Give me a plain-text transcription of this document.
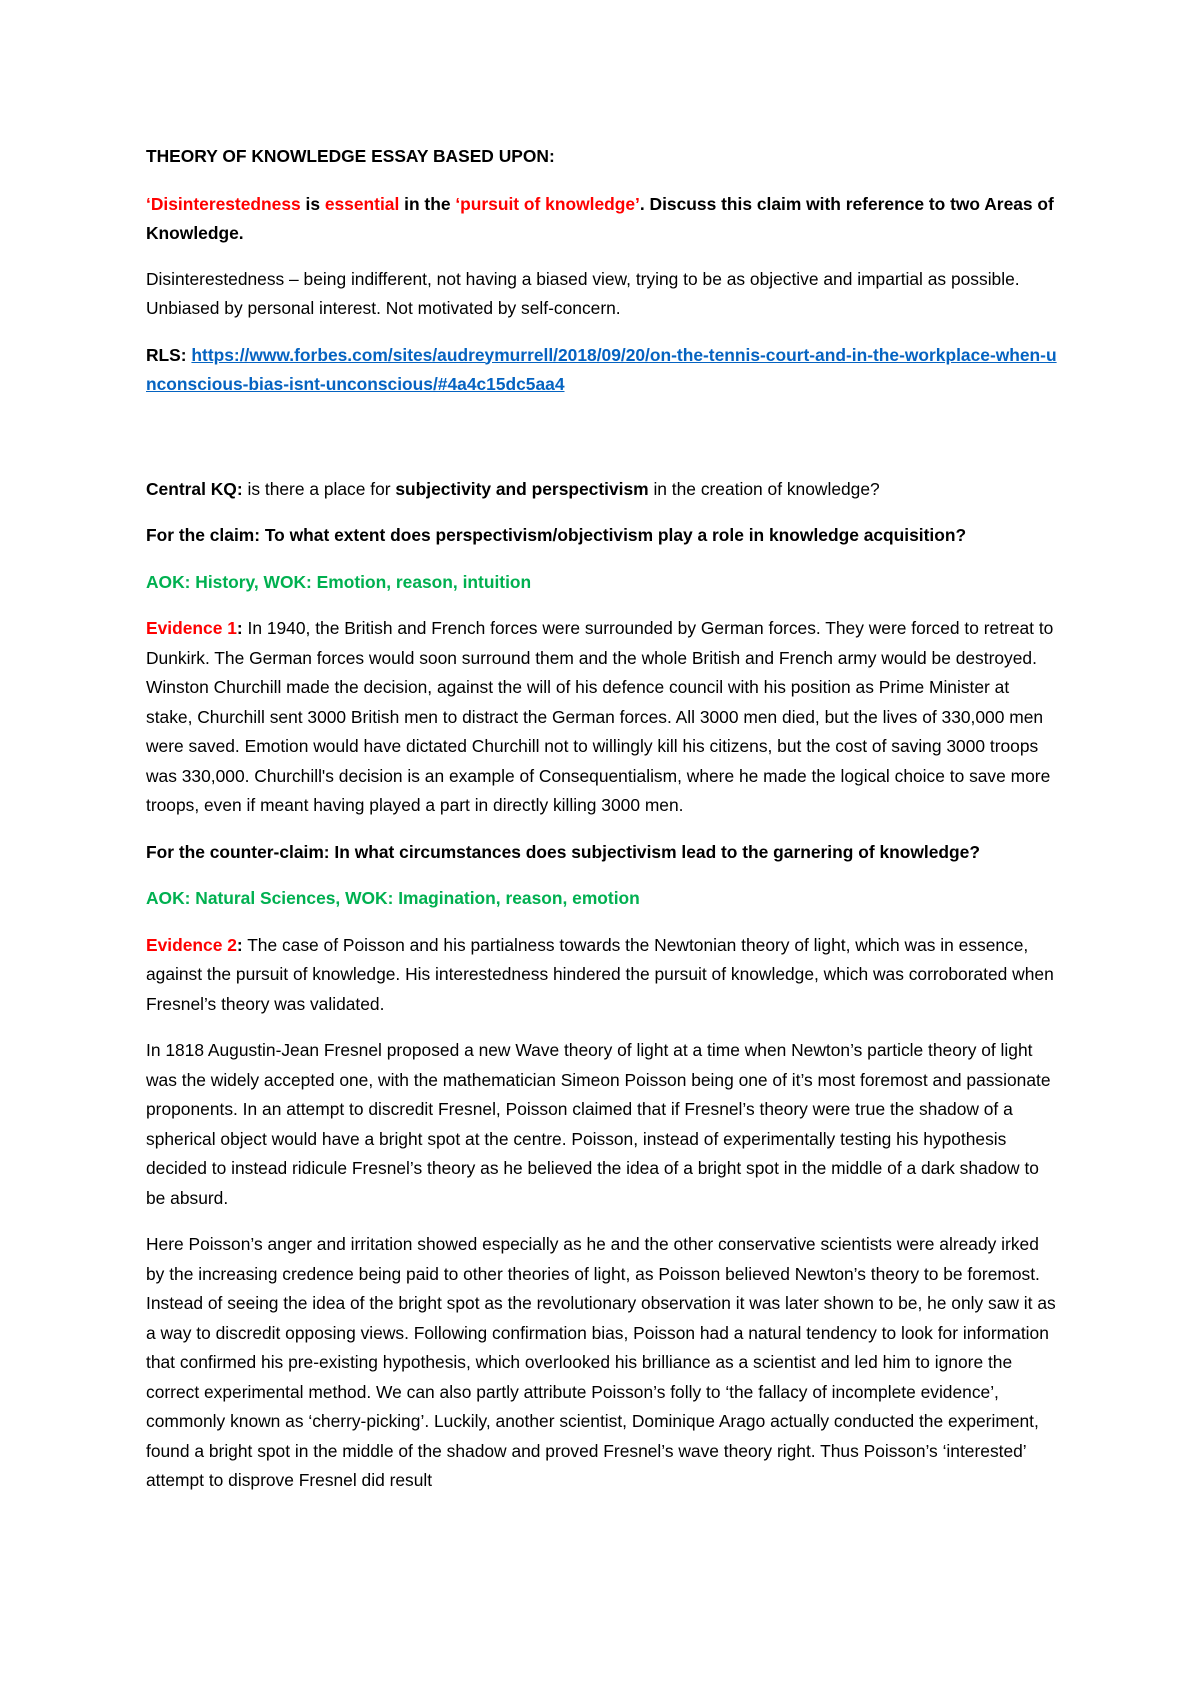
THEORY OF KNOWLEDGE ESSAY BASED UPON:

‘Disinterestedness is essential in the ‘pursuit of knowledge’. Discuss this claim with reference to two Areas of Knowledge.

Disinterestedness – being indifferent, not having a biased view, trying to be as objective and impartial as possible. Unbiased by personal interest. Not motivated by self-concern.

RLS: https://www.forbes.com/sites/audreymurrell/2018/09/20/on-the-tennis-court-and-in-the-workplace-when-unconscious-bias-isnt-unconscious/#4a4c15dc5aa4

Central KQ: is there a place for subjectivity and perspectivism in the creation of knowledge?

For the claim: To what extent does perspectivism/objectivism play a role in knowledge acquisition?

AOK: History, WOK: Emotion, reason, intuition

Evidence 1: In 1940, the British and French forces were surrounded by German forces. They were forced to retreat to Dunkirk. The German forces would soon surround them and the whole British and French army would be destroyed. Winston Churchill made the decision, against the will of his defence council with his position as Prime Minister at stake, Churchill sent 3000 British men to distract the German forces. All 3000 men died, but the lives of 330,000 men were saved. Emotion would have dictated Churchill not to willingly kill his citizens, but the cost of saving 3000 troops was 330,000. Churchill's decision is an example of Consequentialism, where he made the logical choice to save more troops, even if meant having played a part in directly killing 3000 men.

For the counter-claim: In what circumstances does subjectivism lead to the garnering of knowledge?

AOK: Natural Sciences, WOK: Imagination, reason, emotion

Evidence 2: The case of Poisson and his partialness towards the Newtonian theory of light, which was in essence, against the pursuit of knowledge. His interestedness hindered the pursuit of knowledge, which was corroborated when Fresnel’s theory was validated.

In 1818 Augustin-Jean Fresnel proposed a new Wave theory of light at a time when Newton’s particle theory of light was the widely accepted one, with the mathematician Simeon Poisson being one of it’s most foremost and passionate proponents. In an attempt to discredit Fresnel, Poisson claimed that if Fresnel’s theory were true the shadow of a spherical object would have a bright spot at the centre. Poisson, instead of experimentally testing his hypothesis decided to instead ridicule Fresnel’s theory as he believed the idea of a bright spot in the middle of a dark shadow to be absurd.

Here Poisson’s anger and irritation showed especially as he and the other conservative scientists were already irked by the increasing credence being paid to other theories of light, as Poisson believed Newton’s theory to be foremost. Instead of seeing the idea of the bright spot as the revolutionary observation it was later shown to be, he only saw it as a way to discredit opposing views. Following confirmation bias, Poisson had a natural tendency to look for information that confirmed his pre-existing hypothesis, which overlooked his brilliance as a scientist and led him to ignore the correct experimental method. We can also partly attribute Poisson’s folly to ‘the fallacy of incomplete evidence’, commonly known as ‘cherry-picking’. Luckily, another scientist, Dominique Arago actually conducted the experiment, found a bright spot in the middle of the shadow and proved Fresnel’s wave theory right. Thus Poisson’s ‘interested’ attempt to disprove Fresnel did result
